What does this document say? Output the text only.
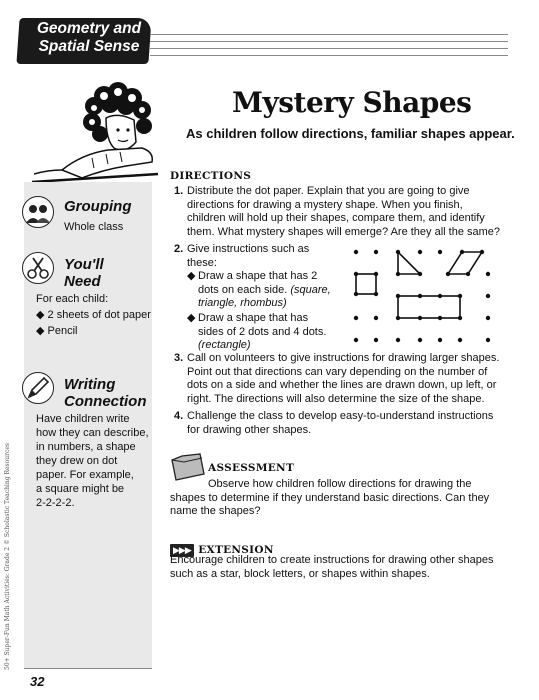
Geometry and
Spatial Sense
Mystery Shapes
As children follow directions, familiar shapes appear.
50+ Super-Fun Math Activities: Grade 2 © Scholastic Teaching Resources
Grouping
Whole class
You'll
Need
For each child:
◆ 2 sheets of dot paper
◆ Pencil
Writing
Connection
Have children write
how they can describe,
in numbers, a shape
they drew on dot
paper. For example,
a square might be
2-2-2-2.
DIRECTIONS
1. Distribute the dot paper. Explain that you are going to give
directions for drawing a mystery shape. When you finish,
children will hold up their shapes, compare them, and identify
them. What mystery shapes will emerge? Are they all the same?
2. Give instructions such as
these:
◆ Draw a shape that has 2
dots on each side. (square,
triangle, rhombus)
◆ Draw a shape that has
sides of 2 dots and 4 dots.
(rectangle)
3. Call on volunteers to give instructions for drawing larger shapes.
Point out that directions can vary depending on the number of
dots on a side and whether the lines are drawn down, up left, or
right. The directions will also determine the size of the shape.
4. Challenge the class to develop easy-to-understand instructions
for drawing other shapes.
ASSESSMENT
Observe how children follow directions for drawing the
shapes to determine if they understand basic directions. Can they
name the shapes?
▶▶▶ EXTENSION
Encourage children to create instructions for drawing other shapes
such as a star, block letters, or shapes within shapes.
32
